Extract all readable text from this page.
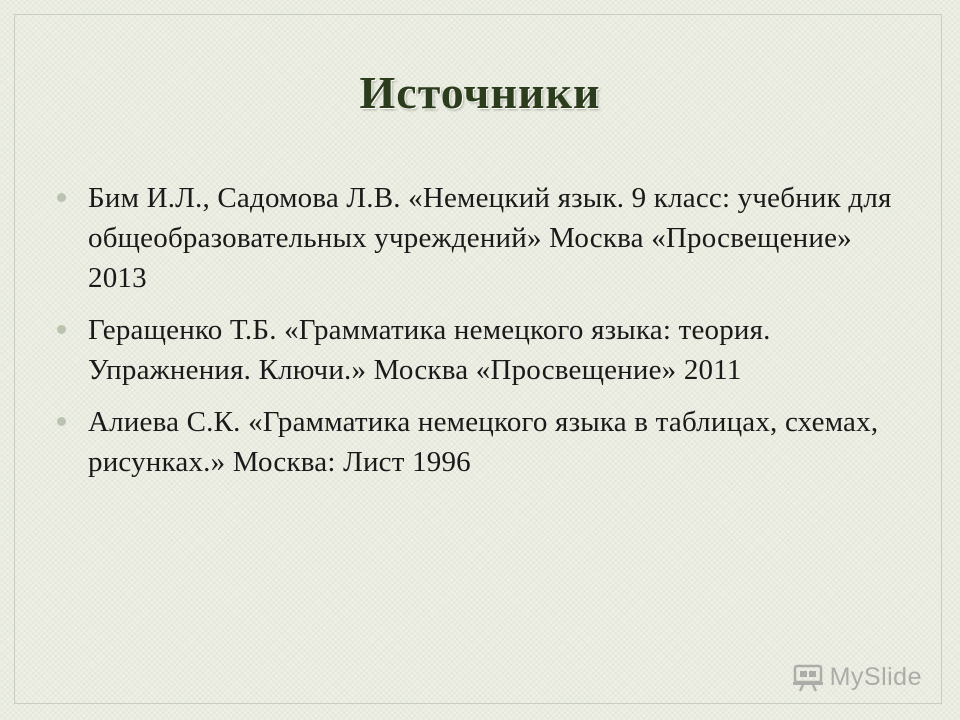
Источники
Бим И.Л., Садомова Л.В. «Немецкий язык. 9 класс: учебник для общеобразовательных учреждений» Москва «Просвещение» 2013
Геращенко Т.Б. «Грамматика немецкого языка: теория. Упражнения. Ключи.» Москва «Просвещение» 2011
Алиева С.К. «Грамматика немецкого языка в таблицах, схемах, рисунках.» Москва: Лист 1996
MySlide
